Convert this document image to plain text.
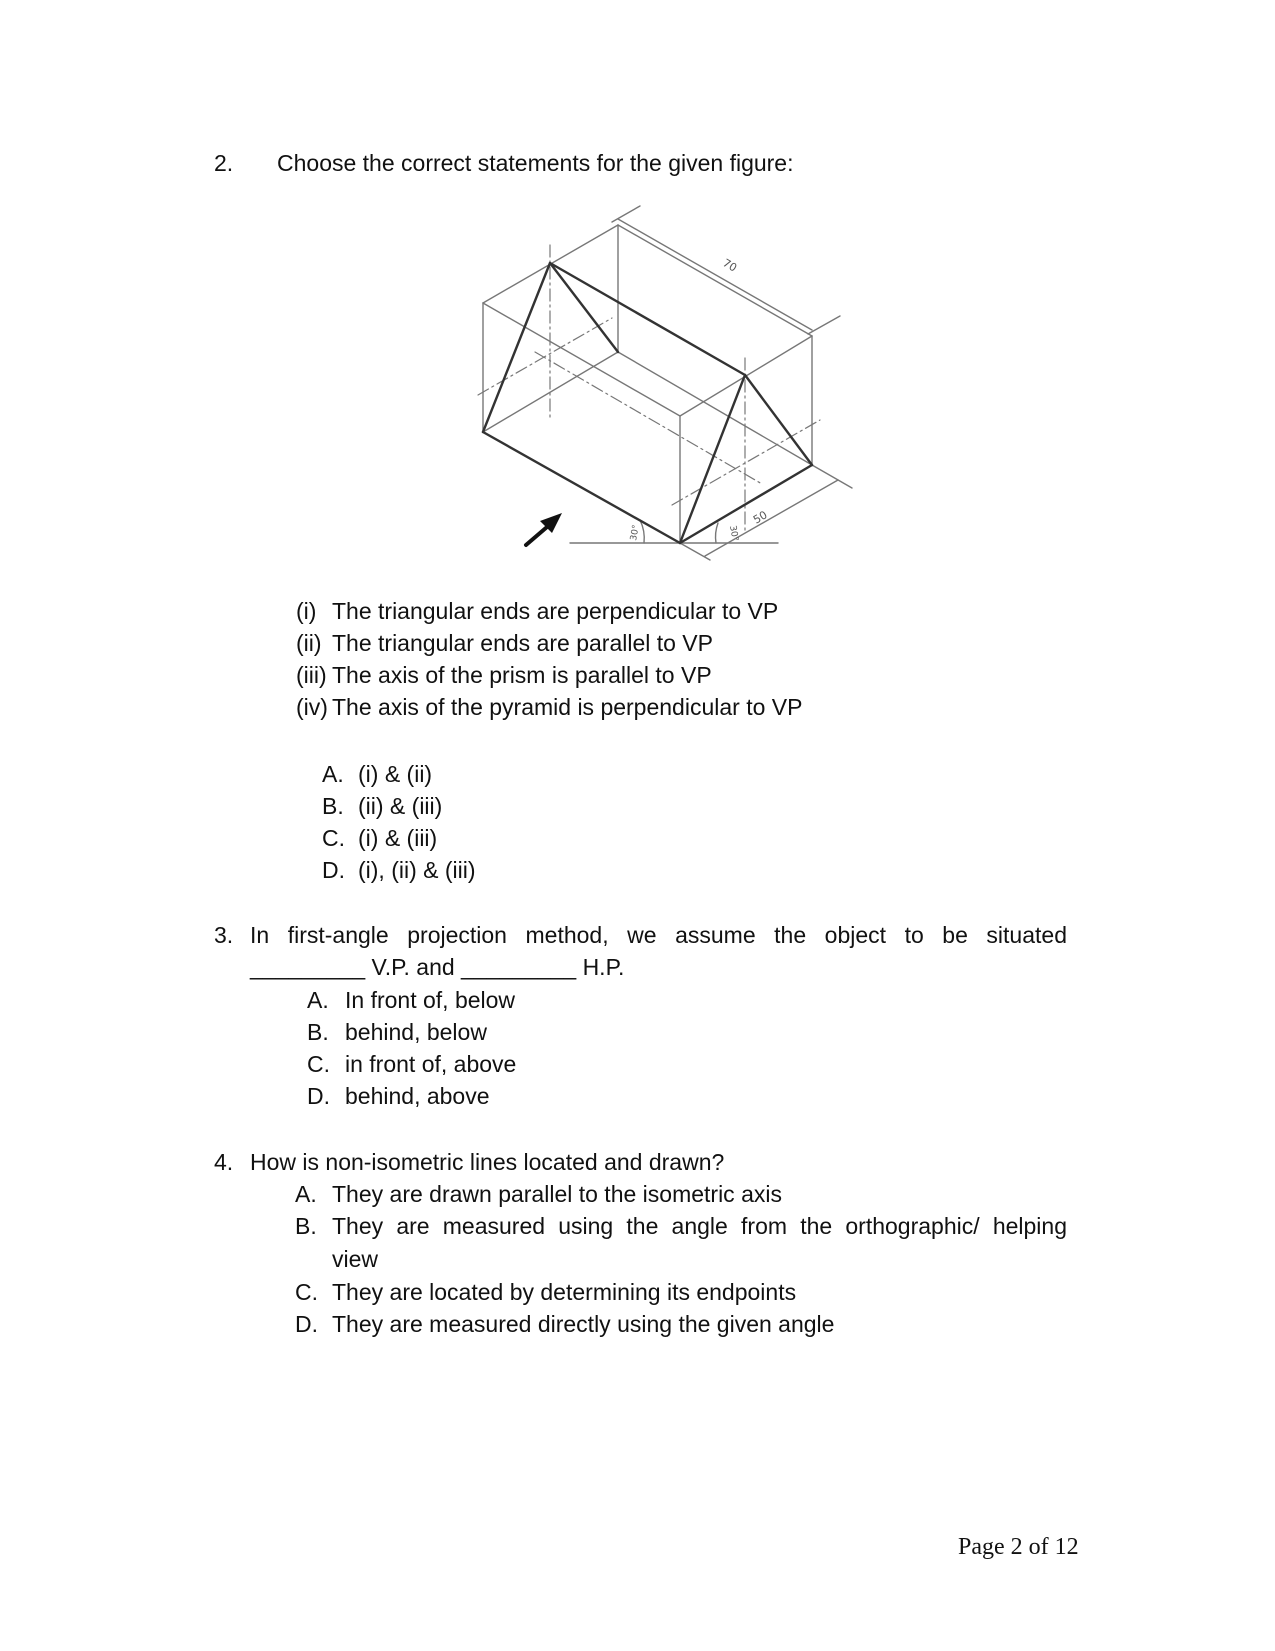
2. Choose the correct statements for the given figure:
70
50
30°	30°
(i) The triangular ends are perpendicular to VP
(ii) The triangular ends are parallel to VP
(iii) The axis of the prism is parallel to VP
(iv) The axis of the pyramid is perpendicular to VP
A. (i) & (ii)
B. (ii) & (iii)
C. (i) & (iii)
D. (i), (ii) & (iii)
3. In first-angle projection method, we assume the object to be situated
_________ V.P. and _________ H.P.
A. In front of, below
B. behind, below
C. in front of, above
D. behind, above
4. How is non-isometric lines located and drawn?
A. They are drawn parallel to the isometric axis
B. They are measured using the angle from the orthographic/ helping
view
C. They are located by determining its endpoints
D. They are measured directly using the given angle
Page 2 of 12
